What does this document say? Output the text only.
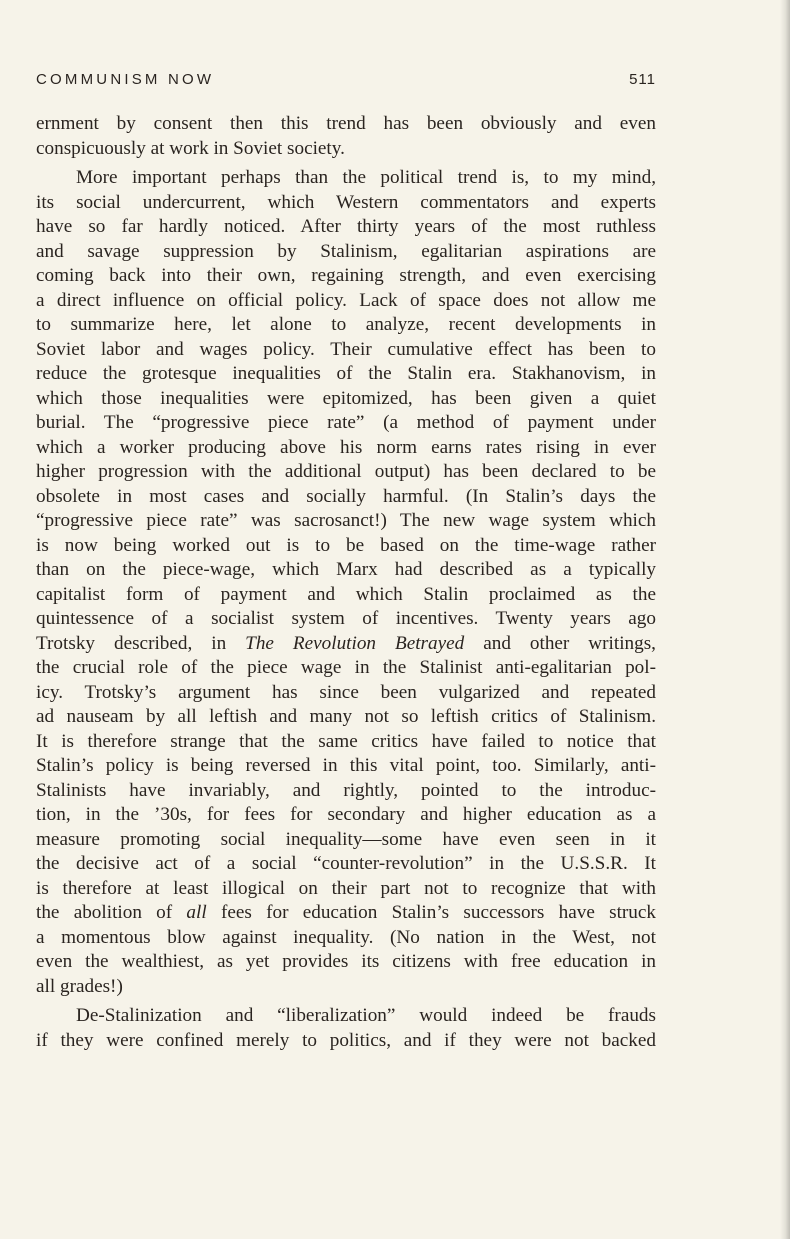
COMMUNISM NOW	511

ernment by consent then this trend has been obviously and even
conspicuously at work in Soviet society.

More important perhaps than the political trend is, to my mind,
its social undercurrent, which Western commentators and experts
have so far hardly noticed. After thirty years of the most ruthless
and savage suppression by Stalinism, egalitarian aspirations are
coming back into their own, regaining strength, and even exercising
a direct influence on official policy. Lack of space does not allow me
to summarize here, let alone to analyze, recent developments in
Soviet labor and wages policy. Their cumulative effect has been to
reduce the grotesque inequalities of the Stalin era. Stakhanovism, in
which those inequalities were epitomized, has been given a quiet
burial. The “progressive piece rate” (a method of payment under
which a worker producing above his norm earns rates rising in ever
higher progression with the additional output) has been declared to be
obsolete in most cases and socially harmful. (In Stalin’s days the
“progressive piece rate” was sacrosanct!) The new wage system which
is now being worked out is to be based on the time-wage rather
than on the piece-wage, which Marx had described as a typically
capitalist form of payment and which Stalin proclaimed as the
quintessence of a socialist system of incentives. Twenty years ago
Trotsky described, in The Revolution Betrayed and other writings,
the crucial role of the piece wage in the Stalinist anti-egalitarian pol-
icy. Trotsky’s argument has since been vulgarized and repeated
ad nauseam by all leftish and many not so leftish critics of Stalinism.
It is therefore strange that the same critics have failed to notice that
Stalin’s policy is being reversed in this vital point, too. Similarly, anti-
Stalinists have invariably, and rightly, pointed to the introduc-
tion, in the ’30s, for fees for secondary and higher education as a
measure promoting social inequality—some have even seen in it
the decisive act of a social “counter-revolution” in the U.S.S.R. It
is therefore at least illogical on their part not to recognize that with
the abolition of all fees for education Stalin’s successors have struck
a momentous blow against inequality. (No nation in the West, not
even the wealthiest, as yet provides its citizens with free education in
all grades!)

De-Stalinization and “liberalization” would indeed be frauds
if they were confined merely to politics, and if they were not backed
